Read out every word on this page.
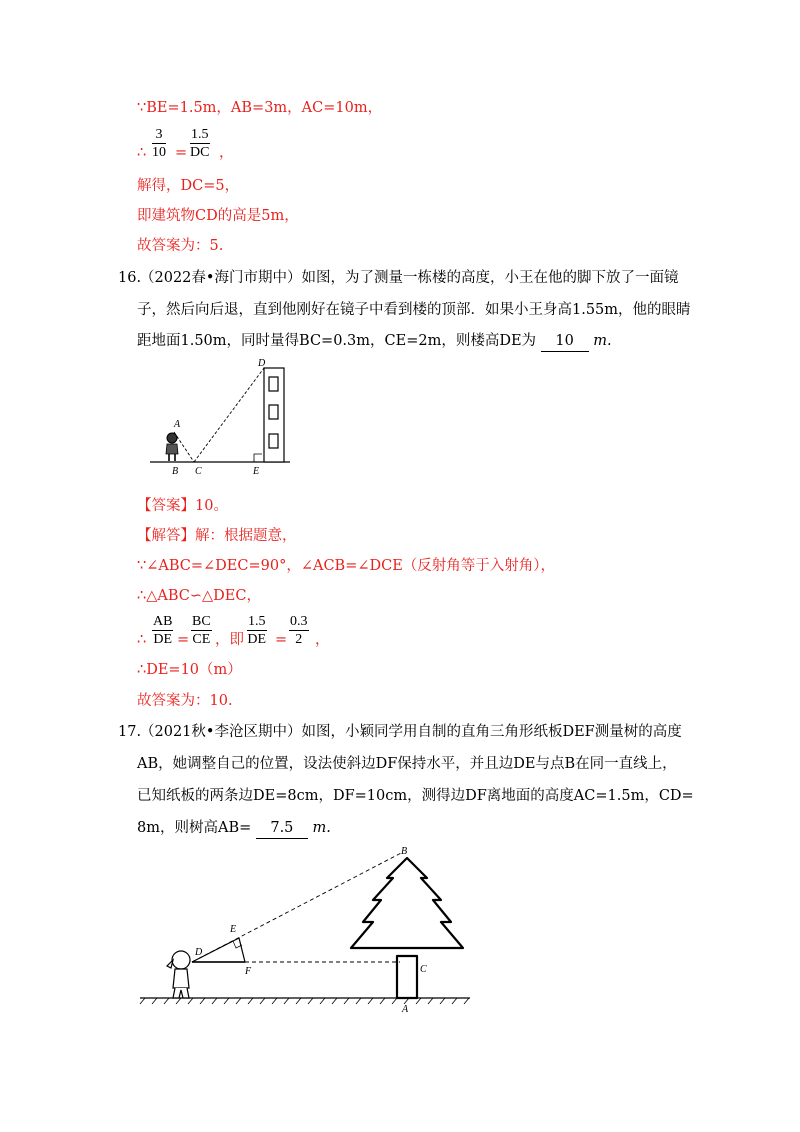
∵BE=1.5m，AB=3m，AC=10m，
∴ $\frac{3}{10} = \frac{1.5}{DC}$ ，
解得，DC=5，
即建筑物CD的高是5m，
故答案为：5.
16.
（2022春•海门市期中）如图，为了测量一栋楼的高度，小王在他的脚下放了一面镜
子，然后向后退，直到他刚好在镜子中看到楼的顶部．如果小王身高1.55m，他的眼睛
距地面1.50m，同时量得BC=0.3m，CE=2m，则楼高DE为 10 m.
D
A
B C	E
【答案】10。
【解答】解：根据题意，
∵∠ABC=∠DEC=90°，∠ACB=∠DCE（反射角等于入射角），
∴△ABC∽△DEC，
∴ $\frac{AB}{DE} = \frac{BC}{CE}$ ，即 $\frac{1.5}{DE} = \frac{0.3}{2}$ ，
∴DE=10（m）
故答案为：10.
17.
（2021秋•李沧区期中）如图，小颖同学用自制的直角三角形纸板DEF测量树的高度
AB，她调整自己的位置，设法使斜边DF保持水平，并且边DE与点B在同一直线上，
已知纸板的两条边DE=8cm，DF=10cm，测得边DF离地面的高度AC=1.5m，CD=
8m，则树高AB= 7.5 m.
B
E
D
F	C
A
